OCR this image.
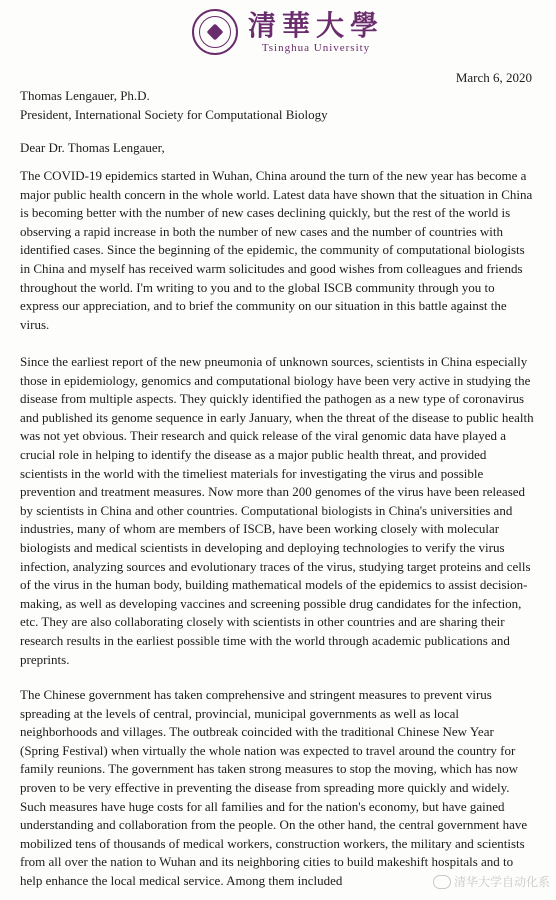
清華大學
Tsinghua University
March 6, 2020
Thomas Lengauer, Ph.D.
President, International Society for Computational Biology
Dear Dr. Thomas Lengauer,
The COVID-19 epidemics started in Wuhan, China around the turn of the new year has become a major public health concern in the whole world. Latest data have shown that the situation in China is becoming better with the number of new cases declining quickly, but the rest of the world is observing a rapid increase in both the number of new cases and the number of countries with identified cases. Since the beginning of the epidemic, the community of computational biologists in China and myself has received warm solicitudes and good wishes from colleagues and friends throughout the world. I'm writing to you and to the global ISCB community through you to express our appreciation, and to brief the community on our situation in this battle against the virus.
Since the earliest report of the new pneumonia of unknown sources, scientists in China especially those in epidemiology, genomics and computational biology have been very active in studying the disease from multiple aspects. They quickly identified the pathogen as a new type of coronavirus and published its genome sequence in early January, when the threat of the disease to public health was not yet obvious. Their research and quick release of the viral genomic data have played a crucial role in helping to identify the disease as a major public health threat, and provided scientists in the world with the timeliest materials for investigating the virus and possible prevention and treatment measures. Now more than 200 genomes of the virus have been released by scientists in China and other countries. Computational biologists in China's universities and industries, many of whom are members of ISCB, have been working closely with molecular biologists and medical scientists in developing and deploying technologies to verify the virus infection, analyzing sources and evolutionary traces of the virus, studying target proteins and cells of the virus in the human body, building mathematical models of the epidemics to assist decision-making, as well as developing vaccines and screening possible drug candidates for the infection, etc. They are also collaborating closely with scientists in other countries and are sharing their research results in the earliest possible time with the world through academic publications and preprints.
The Chinese government has taken comprehensive and stringent measures to prevent virus spreading at the levels of central, provincial, municipal governments as well as local neighborhoods and villages. The outbreak coincided with the traditional Chinese New Year (Spring Festival) when virtually the whole nation was expected to travel around the country for family reunions. The government has taken strong measures to stop the moving, which has now proven to be very effective in preventing the disease from spreading more quickly and widely. Such measures have huge costs for all families and for the nation's economy, but have gained understanding and collaboration from the people. On the other hand, the central government have mobilized tens of thousands of medical workers, construction workers, the military and scientists from all over the nation to Wuhan and its neighboring cities to build makeshift hospitals and to help enhance the local medical service. Among them included	清华大学自动化系
